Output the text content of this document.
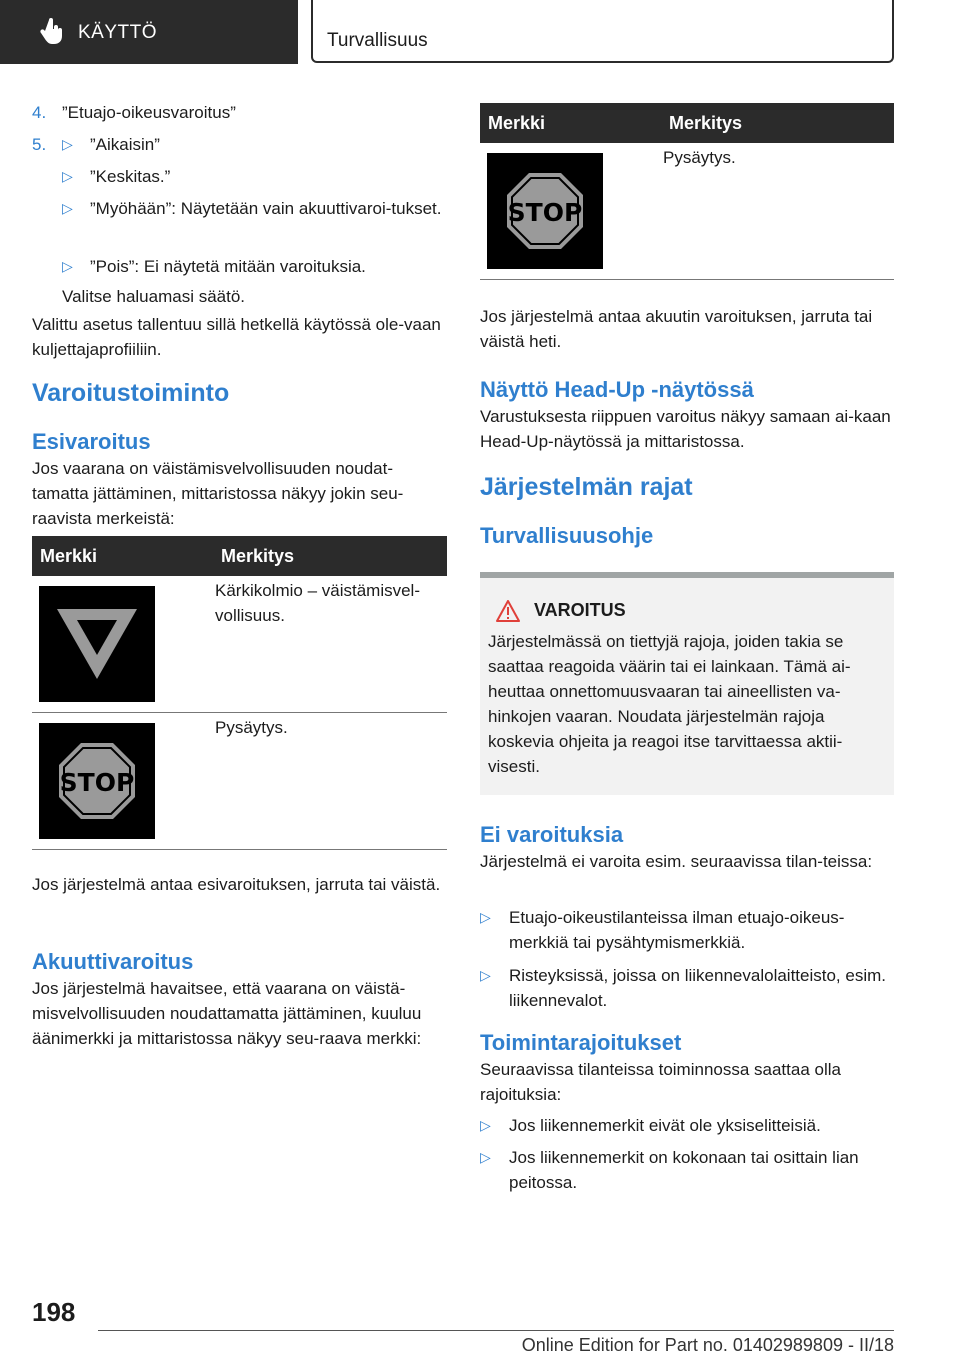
KÄYTTÖ	Turvallisuus
4. ”Etuajo-oikeusvaroitus”
5. ▷ ”Aikaisin”
▷ ”Keskitas.”
▷ ”Myöhään”: Näytetään vain akuuttivaroi-tukset.
▷ ”Pois”: Ei näytetä mitään varoituksia.

Valitse haluamasi säätö.

Valittu asetus tallentuu sillä hetkellä käytössä ole-vaan kuljettajaprofiiliin.

Varoitustoiminto

Esivaroitus

Jos vaarana on väistämisvelvollisuuden noudat-tamatta jättäminen, mittaristossa näkyy jokin seu-raavista merkeistä:

Merkki	Merkitys

	Kärkikolmio – väistämisvel-vollisuus.

STOP	Pysäytys.

Jos järjestelmä antaa esivaroituksen, jarruta tai väistä.

Akuuttivaroitus

Jos järjestelmä havaitsee, että vaarana on väistä-misvelvollisuuden noudattamatta jättäminen, kuuluu äänimerkki ja mittaristossa näkyy seu-raava merkki:

Merkki	Merkitys

STOP	Pysäytys.

Jos järjestelmä antaa akuutin varoituksen, jarruta tai väistä heti.

Näyttö Head-Up -näytössä

Varustuksesta riippuen varoitus näkyy samaan ai-kaan Head-Up-näytössä ja mittaristossa.

Järjestelmän rajat

Turvallisuusohje

VAROITUS

Järjestelmässä on tiettyjä rajoja, joiden takia se saattaa reagoida väärin tai ei lainkaan. Tämä ai-heuttaa onnettomuusvaaran tai aineellisten va-hinkojen vaaran. Noudata järjestelmän rajoja koskevia ohjeita ja reagoi itse tarvittaessa aktii-visesti.

Ei varoituksia

Järjestelmä ei varoita esim. seuraavissa tilan-teissa:

▷ Etuajo-oikeustilanteissa ilman etuajo-oikeus-merkkiä tai pysähtymismerkkiä.
▷ Risteyksissä, joissa on liikennevalolaitteisto, esim. liikennevalot.

Toimintarajoitukset

Seuraavissa tilanteissa toiminnossa saattaa olla rajoituksia:

▷ Jos liikennemerkit eivät ole yksiselitteisiä.
▷ Jos liikennemerkit on kokonaan tai osittain lian peitossa.
198
Online Edition for Part no. 01402989809 - II/18
